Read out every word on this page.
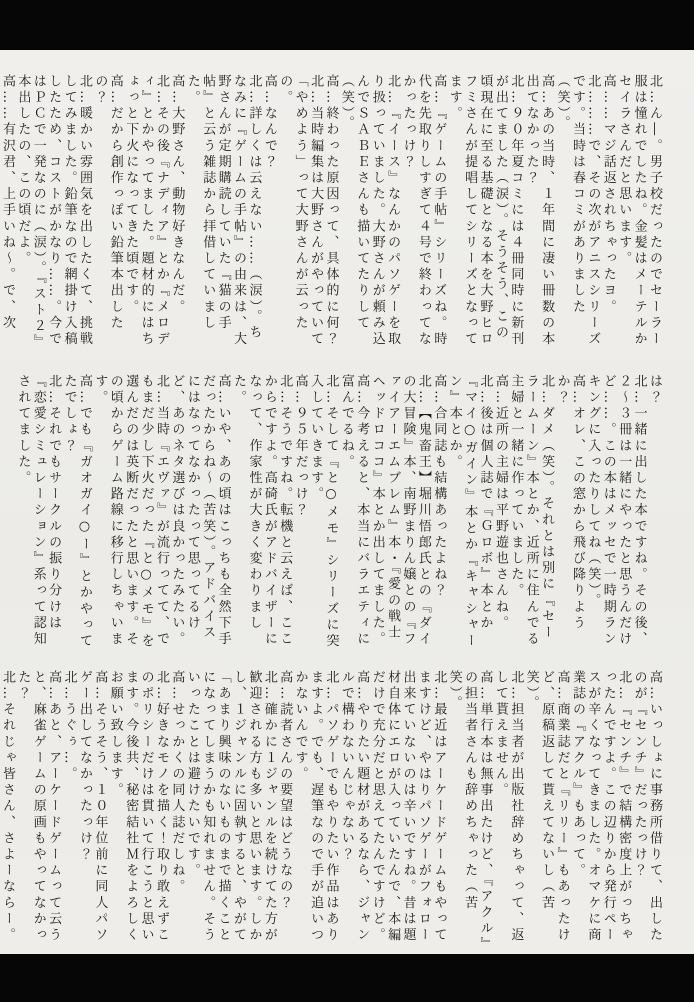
北…ん―。男子校だったのでセーラー服は憧れでしたね。金髪はメーテルかセイラさんだと思います。

高……マジ話返されちゃったヨ。

北………で、その次がアニスシリーズです。当時は春コミがありました（笑）。

高…あの当時、１年間に凄い冊数の本出てなかった？

北…９０年夏コミには４冊同時に新刊が出てました（涙）。そうそう、この頃現在に至る基礎となる本を大野ヒロフミさんが提唱してシリーズとなってます。

高…『ゲームの手帖』シリーズね。時代を先取りしすぎて４号で終わってなかったっけ？

北…『イース』なんかのパソゲーを取り扱っていました。大野さんが頼み込んでＳＡＢＥさんも描いてたりして（笑）。

高…終わった原因って、具体的に何？

北…当時編集は大野さんがやっていて「やめよう」って大野さんが云ったの。

高…なんで？

北…詳しくは云えない……（涙）。ちなみに『ゲームの手帖』の由来は、大野さんが定期購読していた『猫の手帖』と云う雑誌から拝借していました。

高…大野さん、動物好きなんだ。

北…その後『ナディア』とか『メロディ』とかやってました。題材的にはちょっと下火になってきた頃です。

高…だから創作っぽい鉛筆本出したの？

北…暖かい雰囲気を出したくて、挑戦してみました。鉛筆なので網掛け入稿したため、コストがかなり……。今ではＰＣで一発なのに（涙）。『スト２』本出したの、この頃だよ。

高……有沢君、上手いね～。で、次

は？

北…一緒に出した本ですね。その後、２～３冊は一緒にやったと思うんだけど……。この本はメッセで一時期ランキングに入ったりしてね（笑）。

高…オレ、この窓から飛び降りようか？

北…ダメ（笑）。それとは別に『セーラームーン』本とか、近所に住んでる主婦と一緒に作っていました。

高…近所の主婦は平野遊也さんね。

北…後は個人誌で『Ｇロボ』本とか『マイ○ガイン』本とか『キャシャーン』本とか。

高…合同誌も結構あったよね？

北…【鬼畜王】堀川悟郎氏との『ダイの大冒険』本、南野まりん嬢との『ファイアーエムブレム』本・『愛の戦士ヘッドロココ』本とか出してました。

高…今考えると、本当にバラエティに富んでるね。

北…そして『と○メモ』シリーズに突入していきます。

高…９５年だっけ？

北…そうですね。転機と云えば、ここからですよ。高碕氏がアドバイザーになって、作家性が大きく変わりました。

高…いや、あの頃はこっちも全然下手だったからね～（苦笑）。アドバイスにはなってなかったって思ってるけど、あのネタ選びは良かったみたい。

北…当時『エヴァ』が流行ってて、でもまだ少し下火だった『と○メモ』を選んだのは英断だったと思います。その頃からゲーム路線に移行しちゃいます。

高…でも『ガオガイ○ー』とかやってたでしょ？

北…それでもサークルの振り分けは『恋愛シミュレーション』系って認知されてました。

高…いっしょに事務所借りて、出したのが『センチ』だったっけ？

北…『センチ』で結構密度上がっちゃったんですよ。この辺りから発行ペースが辛くなってきました。オマケに商業誌の『アクル』もあって。

高…商業誌だと『リリー』もあったけど、原稿返して貰えてないし（苦笑）。

北…担当者が出版社辞めちゃって、返して貰えません。

高…単行本は無事出たけど、『アクル』の担当者さんも辞めちゃった（苦笑）。

北…最近はアーケードゲームもやってますけど、やはりパソゲーがフォロー出来ていないのは辛いですね。昔は題材自体にエロが入っていたんで、本編だけで充分だと思えてたんですけど。

高…やりたい題材があるなら、ジャンルで構わないんじゃない？

北…パソゲーでもやりたい作品はありますよ。でも、遅筆なので手が追いつかないんです。

高…読者さんの要望はどうなの？

北…確かに１ジャンルを続けてた方が歓迎される方も多いと思います。しかし、１ジャンルに固執すると、やがて「あまり興味のないものまで描くことになってしまうかも知れません。そういったことは避けたいです。

高…せっかくの同人誌だしね。

北…好きなモノを描く！取り敢えずこのポリシーだけは貫いて行こうと思います。今後共、秘密結社Ｍをよろしくお願い致します。

高…そうそう、１０年位前に同人パソゲー出してなかったっけ？

北…うぐぅ…。

高…あと、アーケードゲームって云うと、麻雀ゲームの原画もやってなかった？

北…それじゃ皆さん、さよーならー。
